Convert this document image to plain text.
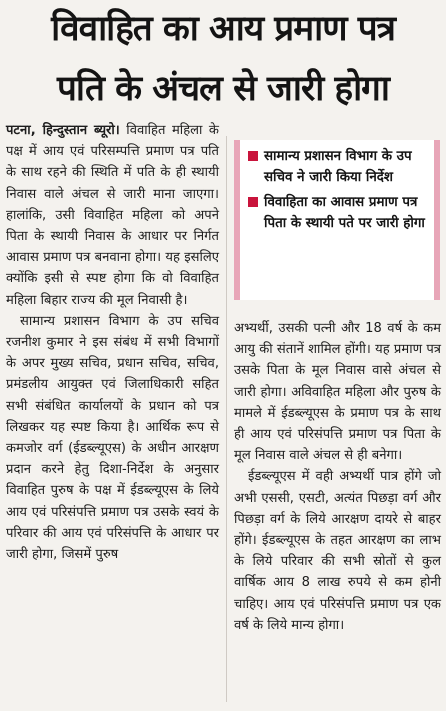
विवाहित का आय प्रमाण पत्र
पति के अंचल से जारी होगा

पटना, हिन्दुस्तान ब्यूरो। विवाहित महिला के पक्ष में आय एवं परिसम्पत्ति प्रमाण पत्र पति के साथ रहने की स्थिति में पति के ही स्थायी निवास वाले अंचल से जारी माना जाएगा। हालांकि, उसी विवाहित महिला को अपने पिता के स्थायी निवास के आधार पर निर्गत आवास प्रमाण पत्र बनवाना होगा। यह इसलिए क्योंकि इसी से स्पष्ट होगा कि वो विवाहित महिला बिहार राज्य की मूल निवासी है।

सामान्य प्रशासन विभाग के उप सचिव रजनीश कुमार ने इस संबंध में सभी विभागों के अपर मुख्य सचिव, प्रधान सचिव, सचिव, प्रमंडलीय आयुक्त एवं जिलाधिकारी सहित सभी संबंधित कार्यालयों के प्रधान को पत्र लिखकर यह स्पष्ट किया है। आर्थिक रूप से कमजोर वर्ग (ईडब्ल्यूएस) के अधीन आरक्षण प्रदान करने हेतु दिशा-निर्देश के अनुसार विवाहित पुरुष के पक्ष में ईडब्ल्यूएस के लिये आय एवं परिसंपत्ति प्रमाण पत्र उसके स्वयं के परिवार की आय एवं परिसंपत्ति के आधार पर जारी होगा, जिसमें पुरुष

सामान्य प्रशासन विभाग के उप सचिव ने जारी किया निर्देश
विवाहिता का आवास प्रमाण पत्र पिता के स्थायी पते पर जारी होगा

अभ्यर्थी, उसकी पत्नी और 18 वर्ष के कम आयु की संतानें शामिल होंगी। यह प्रमाण पत्र उसके पिता के मूल निवास वासे अंचल से जारी होगा। अविवाहित महिला और पुरुष के मामले में ईडब्ल्यूएस के प्रमाण पत्र के साथ ही आय एवं परिसंपत्ति प्रमाण पत्र पिता के मूल निवास वाले अंचल से ही बनेगा।

ईडब्ल्यूएस में वही अभ्यर्थी पात्र होंगे जो अभी एससी, एसटी, अत्यंत पिछड़ा वर्ग और पिछड़ा वर्ग के लिये आरक्षण दायरे से बाहर होंगे। ईडब्ल्यूएस के तहत आरक्षण का लाभ के लिये परिवार की सभी स्रोतों से कुल वार्षिक आय 8 लाख रुपये से कम होनी चाहिए। आय एवं परिसंपत्ति प्रमाण पत्र एक वर्ष के लिये मान्य होगा।
